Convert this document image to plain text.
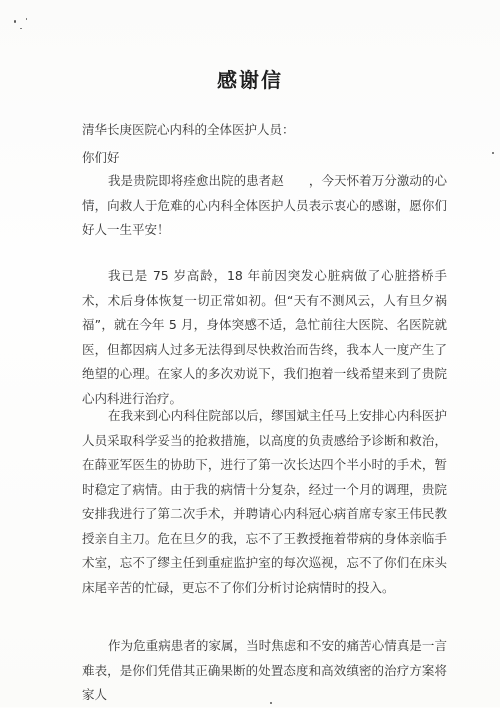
感谢信
清华长庚医院心内科的全体医护人员：
你们好

我是贵院即将痊愈出院的患者赵　　，今天怀着万分激动的心情，向救人于危难的心内科全体医护人员表示衷心的感谢，愿你们好人一生平安！

我已是 75 岁高龄，18 年前因突发心脏病做了心脏搭桥手术，术后身体恢复一切正常如初。但“天有不测风云，人有旦夕祸福”，就在今年 5 月，身体突感不适，急忙前往大医院、名医院就医，但都因病人过多无法得到尽快救治而告终，我本人一度产生了绝望的心理。在家人的多次劝说下，我们抱着一线希望来到了贵院心内科进行治疗。

在我来到心内科住院部以后，缪国斌主任马上安排心内科医护人员采取科学妥当的抢救措施，以高度的负责感给予诊断和救治，在薛亚军医生的协助下，进行了第一次长达四个半小时的手术，暂时稳定了病情。由于我的病情十分复杂，经过一个月的调理，贵院安排我进行了第二次手术，并聘请心内科冠心病首席专家王伟民教授亲自主刀。危在旦夕的我，忘不了王教授拖着带病的身体亲临手术室，忘不了缪主任到重症监护室的每次巡视，忘不了你们在床头床尾辛苦的忙碌，更忘不了你们分析讨论病情时的投入。

作为危重病患者的家属，当时焦虑和不安的痛苦心情真是一言难表，是你们凭借其正确果断的处置态度和高效缜密的治疗方案将家人
